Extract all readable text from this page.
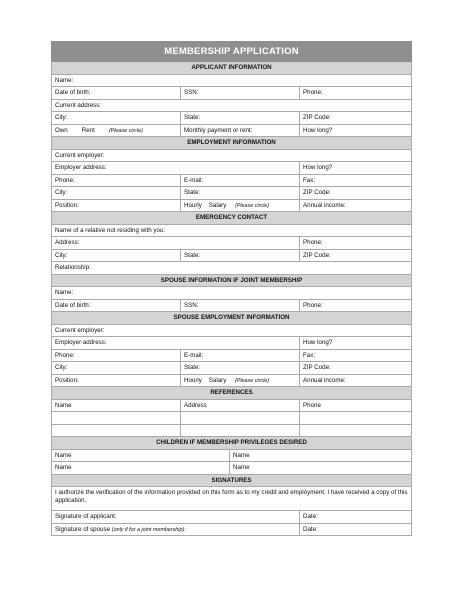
MEMBERSHIP APPLICATION
APPLICANT INFORMATION
Name:
Date of birth:	SSN:	Phone:
Current address:
City:	State:	ZIP Code:
Own Rent	(Please circle)	Monthly payment or rent:	How long?
EMPLOYMENT INFORMATION
Current employer:
Employer address:	How long?
Phone:	E-mail:	Fax:
City:	State:	ZIP Code:
Position:	Hourly Salary (Please circle)	Annual income:
EMERGENCY CONTACT
Name of a relative not residing with you:
Address:	Phone:
City:	State:	ZIP Code:
Relationship:
SPOUSE INFORMATION IF JOINT MEMBERSHIP
Name:
Date of birth:	SSN:	Phone:
SPOUSE EMPLOYMENT INFORMATION
Current employer:
Employer address:	How long?
Phone:	E-mail:	Fax:
City:	State:	ZIP Code:
Position:	Hourly Salary (Please circle)	Annual income:
REFERENCES
Name	Address	Phone
CHILDREN IF MEMBERSHIP PRIVILEGES DESIRED
Name	Name
Name	Name
SIGNATURES
I authorize the verification of the information provided on this form as to my credit and employment. I have received a copy of this application.
Signature of applicant:	Date:
Signature of spouse (only if for a joint membership):	Date:
